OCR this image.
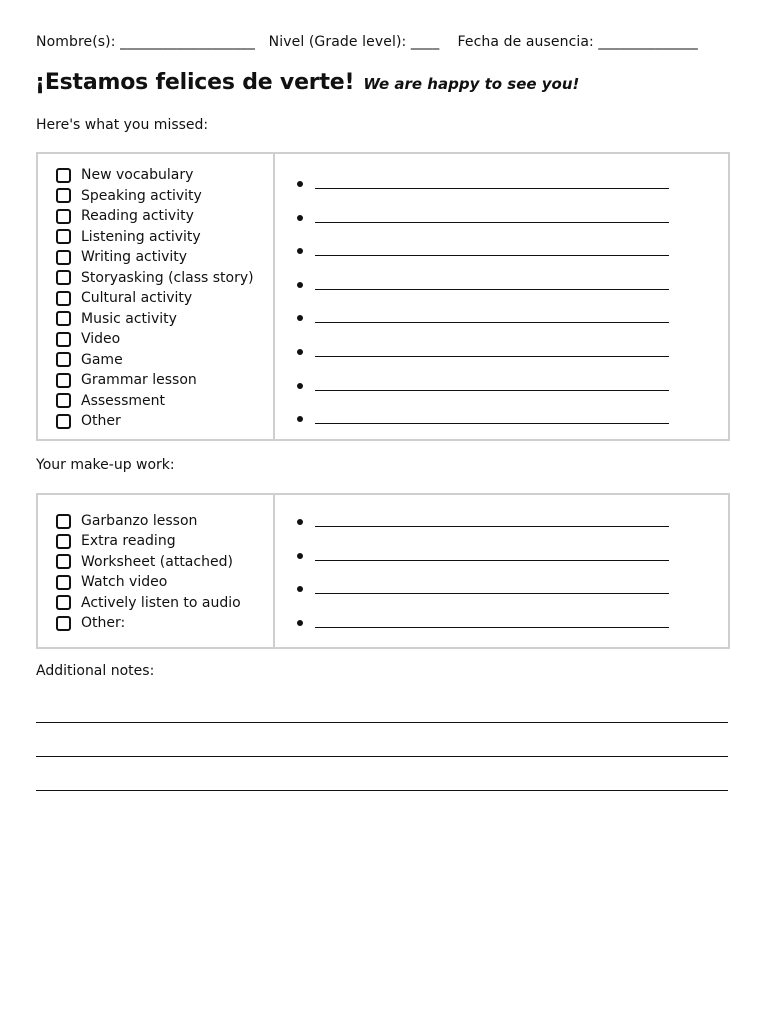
Nombre(s): ___________________ Nivel (Grade level): ____ Fecha de ausencia: ______________
¡Estamos felices de verte! We are happy to see you!
Here's what you missed:
New vocabulary
Speaking activity
Reading activity
Listening activity
Writing activity
Storyasking (class story)
Cultural activity
Music activity
Video
Game
Grammar lesson
Assessment
Other
Your make-up work:
Garbanzo lesson
Extra reading
Worksheet (attached)
Watch video
Actively listen to audio
Other:
Additional notes:
